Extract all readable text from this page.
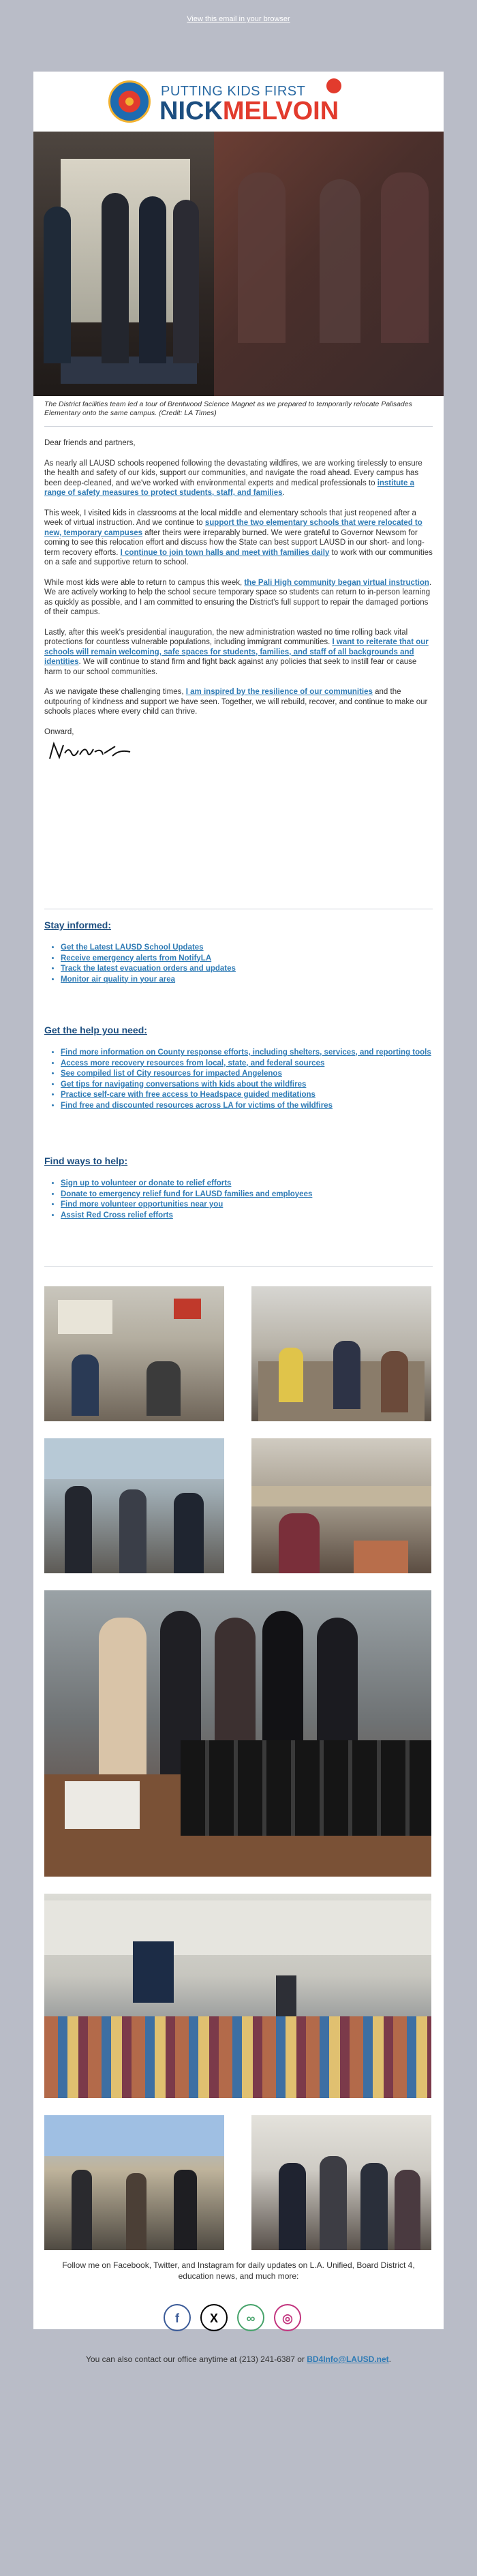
View this email in your browser
PUTTING KIDS FIRST
NICKMELVOIN
The District facilities team led a tour of Brentwood Science Magnet as we prepared to temporarily relocate Palisades Elementary onto the same campus. (Credit: LA Times)

Dear friends and partners,

As nearly all LAUSD schools reopened following the devastating wildfires, we are working tirelessly to ensure the health and safety of our kids, support our communities, and navigate the road ahead. Every campus has been deep-cleaned, and we've worked with environmental experts and medical professionals to institute a range of safety measures to protect students, staff, and families.

This week, I visited kids in classrooms at the local middle and elementary schools that just reopened after a week of virtual instruction. And we continue to support the two elementary schools that were relocated to new, temporary campuses after theirs were irreparably burned. We were grateful to Governor Newsom for coming to see this relocation effort and discuss how the State can best support LAUSD in our short- and long-term recovery efforts. I continue to join town halls and meet with families daily to work with our communities on a safe and supportive return to school.

While most kids were able to return to campus this week, the Pali High community began virtual instruction. We are actively working to help the school secure temporary space so students can return to in-person learning as quickly as possible, and I am committed to ensuring the District's full support to repair the damaged portions of their campus.

Lastly, after this week's presidential inauguration, the new administration wasted no time rolling back vital protections for countless vulnerable populations, including immigrant communities. I want to reiterate that our schools will remain welcoming, safe spaces for students, families, and staff of all backgrounds and identities. We will continue to stand firm and fight back against any policies that seek to instill fear or cause harm to our school communities.

As we navigate these challenging times, I am inspired by the resilience of our communities and the outpouring of kindness and support we have seen. Together, we will rebuild, recover, and continue to make our schools places where every child can thrive.

Onward,

Stay informed:
• Get the Latest LAUSD School Updates
• Receive emergency alerts from NotifyLA
• Track the latest evacuation orders and updates
• Monitor air quality in your area
Get the help you need:
• Find more information on County response efforts, including shelters, services, and reporting tools
• Access more recovery resources from local, state, and federal sources
• See compiled list of City resources for impacted Angelenos
• Get tips for navigating conversations with kids about the wildfires
• Practice self-care with free access to Headspace guided meditations
• Find free and discounted resources across LA for victims of the wildfires
Find ways to help:
• Sign up to volunteer or donate to relief efforts
• Donate to emergency relief fund for LAUSD families and employees
• Find more volunteer opportunities near you
• Assist Red Cross relief efforts
Follow me on Facebook, Twitter, and Instagram for daily updates on L.A. Unified, Board District 4, education news, and much more:
f	X	∞	◎
You can also contact our office anytime at (213) 241-6387 or BD4Info@LAUSD.net.
